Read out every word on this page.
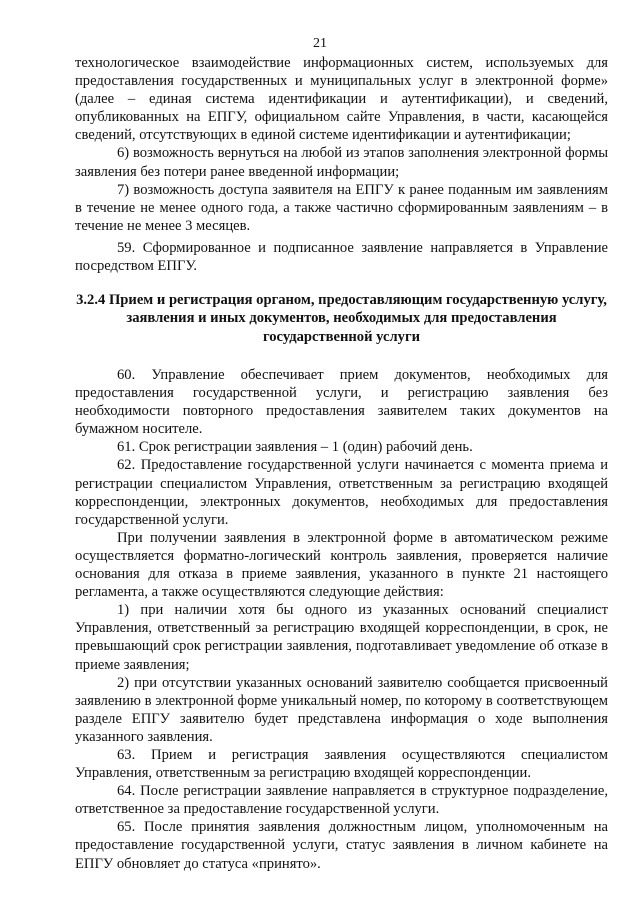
21

технологическое взаимодействие информационных систем, используемых для предоставления государственных и муниципальных услуг в электронной форме» (далее – единая система идентификации и аутентификации), и сведений, опубликованных на ЕПГУ, официальном сайте Управления, в части, касающейся сведений, отсутствующих в единой системе идентификации и аутентификации;

6) возможность вернуться на любой из этапов заполнения электронной формы заявления без потери ранее введенной информации;

7) возможность доступа заявителя на ЕПГУ к ранее поданным им заявлениям в течение не менее одного года, а также частично сформированным заявлениям – в течение не менее 3 месяцев.

59. Сформированное и подписанное заявление направляется в Управление посредством ЕПГУ.

3.2.4 Прием и регистрация органом, предоставляющим государственную услугу, заявления и иных документов, необходимых для предоставления государственной услуги

60. Управление обеспечивает прием документов, необходимых для предоставления государственной услуги, и регистрацию заявления без необходимости повторного предоставления заявителем таких документов на бумажном носителе.

61. Срок регистрации заявления – 1 (один) рабочий день.

62. Предоставление государственной услуги начинается с момента приема и регистрации специалистом Управления, ответственным за регистрацию входящей корреспонденции, электронных документов, необходимых для предоставления государственной услуги.

При получении заявления в электронной форме в автоматическом режиме осуществляется форматно-логический контроль заявления, проверяется наличие основания для отказа в приеме заявления, указанного в пункте 21 настоящего регламента, а также осуществляются следующие действия:

1) при наличии хотя бы одного из указанных оснований специалист Управления, ответственный за регистрацию входящей корреспонденции, в срок, не превышающий срок регистрации заявления, подготавливает уведомление об отказе в приеме заявления;

2) при отсутствии указанных оснований заявителю сообщается присвоенный заявлению в электронной форме уникальный номер, по которому в соответствующем разделе ЕПГУ заявителю будет представлена информация о ходе выполнения указанного заявления.

63. Прием и регистрация заявления осуществляются специалистом Управления, ответственным за регистрацию входящей корреспонденции.

64. После регистрации заявление направляется в структурное подразделение, ответственное за предоставление государственной услуги.

65. После принятия заявления должностным лицом, уполномоченным на предоставление государственной услуги, статус заявления в личном кабинете на ЕПГУ обновляет до статуса «принято».
